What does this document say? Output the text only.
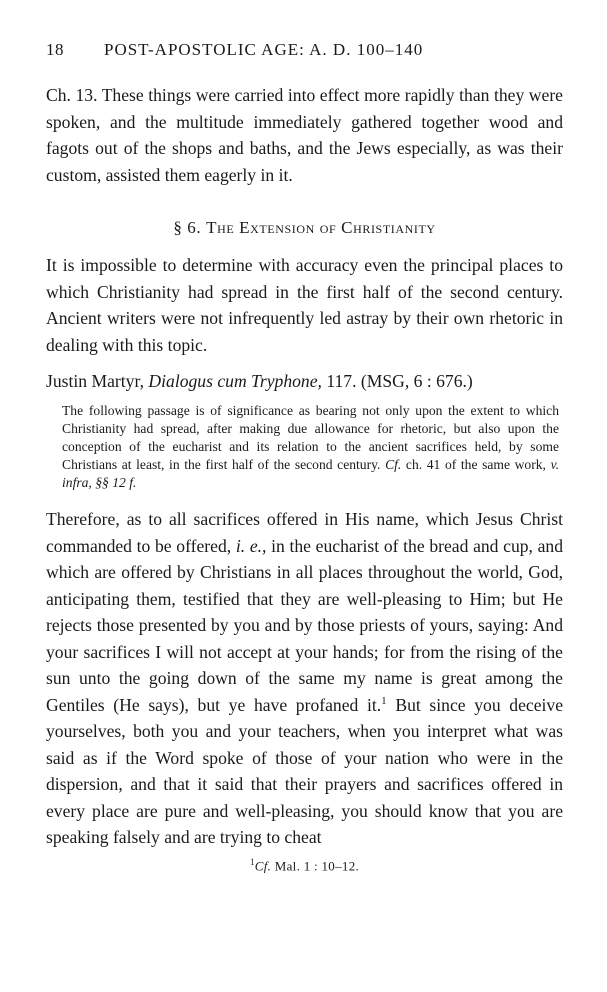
18	POST-APOSTOLIC AGE: A. D. 100–140

Ch. 13. These things were carried into effect more rapidly than they were spoken, and the multitude immediately gathered together wood and fagots out of the shops and baths, and the Jews especially, as was their custom, assisted them eagerly in it.

§ 6. The Extension of Christianity

It is impossible to determine with accuracy even the principal places to which Christianity had spread in the first half of the second century. Ancient writers were not infrequently led astray by their own rhetoric in dealing with this topic.

Justin Martyr, Dialogus cum Tryphone, 117. (MSG, 6 : 676.)

The following passage is of significance as bearing not only upon the extent to which Christianity had spread, after making due allowance for rhetoric, but also upon the conception of the eucharist and its relation to the ancient sacrifices held, by some Christians at least, in the first half of the second century. Cf. ch. 41 of the same work, v. infra, §§ 12 f.

Therefore, as to all sacrifices offered in His name, which Jesus Christ commanded to be offered, i. e., in the eucharist of the bread and cup, and which are offered by Christians in all places throughout the world, God, anticipating them, testified that they are well-pleasing to Him; but He rejects those presented by you and by those priests of yours, saying: And your sacrifices I will not accept at your hands; for from the rising of the sun unto the going down of the same my name is great among the Gentiles (He says), but ye have profaned it.$^1$ But since you deceive yourselves, both you and your teachers, when you interpret what was said as if the Word spoke of those of your nation who were in the dispersion, and that it said that their prayers and sacrifices offered in every place are pure and well-pleasing, you should know that you are speaking falsely and are trying to cheat

$^1$Cf. Mal. 1 : 10–12.
